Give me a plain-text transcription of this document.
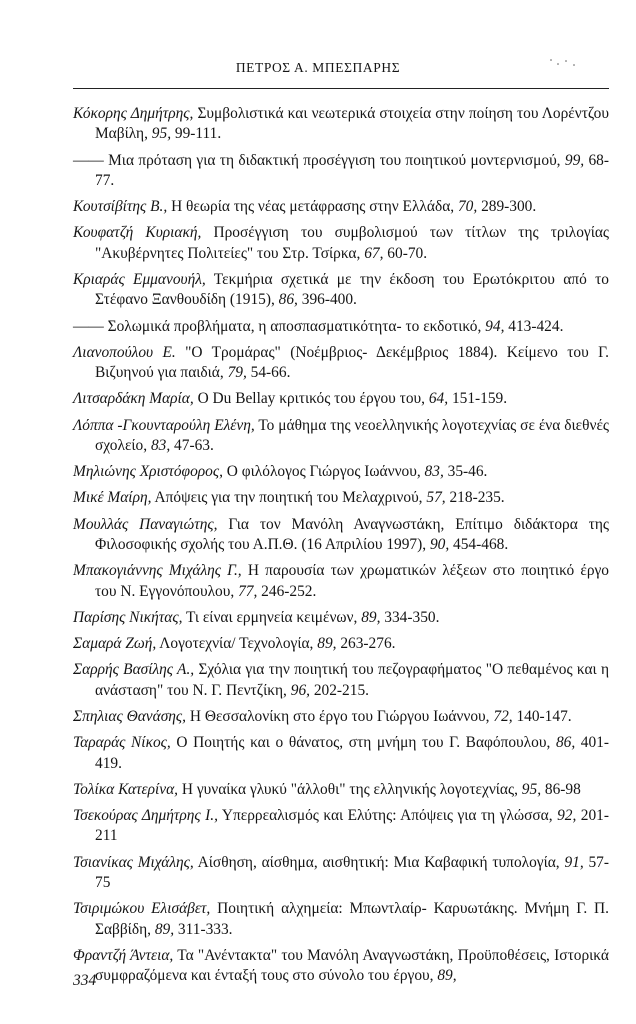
ΠΕΤΡΟΣ Α. ΜΠΕΣΠΑΡΗΣ

Κόκορης Δημήτρης, Συμβολιστικά και νεωτερικά στοιχεία στην ποίηση του Λορέντζου Μαβίλη, 95, 99-111.

—— Μια πρόταση για τη διδακτική προσέγγιση του ποιητικού μοντερνισμού, 99, 68-77.

Κουτσίβίτης Β., Η θεωρία της νέας μετάφρασης στην Ελλάδα, 70, 289-300.

Κουφατζή Κυριακή, Προσέγγιση του συμβολισμού των τίτλων της τριλογίας "Ακυβέρνητες Πολιτείες" του Στρ. Τσίρκα, 67, 60-70.

Κριαράς Εμμανουήλ, Τεκμήρια σχετικά με την έκδοση του Ερωτόκριτου από το Στέφανο Ξανθουδίδη (1915), 86, 396-400.

—— Σολωμικά προβλήματα, η αποσπασματικότητα- το εκδοτικό, 94, 413-424.

Λιανοπούλου Ε. "Ο Τρομάρας" (Νοέμβριος- Δεκέμβριος 1884). Κείμενο του Γ. Βιζυηνού για παιδιά, 79, 54-66.

Λιτσαρδάκη Μαρία, O Du Bellay κριτικός του έργου του, 64, 151-159.

Λόππα -Γκουνταρούλη Ελένη, Το μάθημα της νεοελληνικής λογοτεχνίας σε ένα διεθνές σχολείο, 83, 47-63.

Μηλιώνης Χριστόφορος, Ο φιλόλογος Γιώργος Ιωάννου, 83, 35-46.

Μικέ Μαίρη, Απόψεις για την ποιητική του Μελαχρινού, 57, 218-235.

Μουλλάς Παναγιώτης, Για τον Μανόλη Αναγνωστάκη, Επίτιμο διδάκτορα της Φιλοσοφικής σχολής του Α.Π.Θ. (16 Απριλίου 1997), 90, 454-468.

Μπακογιάννης Μιχάλης Γ., Η παρουσία των χρωματικών λέξεων στο ποιητικό έργο του Ν. Εγγονόπουλου, 77, 246-252.

Παρίσης Νικήτας, Τι είναι ερμηνεία κειμένων, 89, 334-350.

Σαμαρά Ζωή, Λογοτεχνία/ Τεχνολογία, 89, 263-276.

Σαρρής Βασίλης Α., Σχόλια για την ποιητική του πεζογραφήματος "Ο πεθαμένος και η ανάσταση" του Ν. Γ. Πεντζίκη, 96, 202-215.

Σπηλιας Θανάσης, Η Θεσσαλονίκη στο έργο του Γιώργου Ιωάννου, 72, 140-147.

Ταραράς Νίκος, Ο Ποιητής και ο θάνατος, στη μνήμη του Γ. Βαφόπουλου, 86, 401-419.

Τολίκα Κατερίνα, Η γυναίκα γλυκύ "άλλοθι" της ελληνικής λογοτεχνίας, 95, 86-98

Τσεκούρας Δημήτρης Ι., Υπερρεαλισμός και Ελύτης: Απόψεις για τη γλώσσα, 92, 201-211

Τσιανίκας Μιχάλης, Αίσθηση, αίσθημα, αισθητική: Μια Καβαφική τυπολογία, 91, 57-75

Τσιριμώκου Ελισάβετ, Ποιητική αλχημεία: Μπωντλαίρ- Καρυωτάκης. Μνήμη Γ. Π. Σαββίδη, 89, 311-333.

Φραντζή Άντεια, Τα "Ανέντακτα" του Μανόλη Αναγνωστάκη, Προϋποθέσεις, Ιστορικά συμφραζόμενα και ένταξή τους στο σύνολο του έργου, 89,

334
